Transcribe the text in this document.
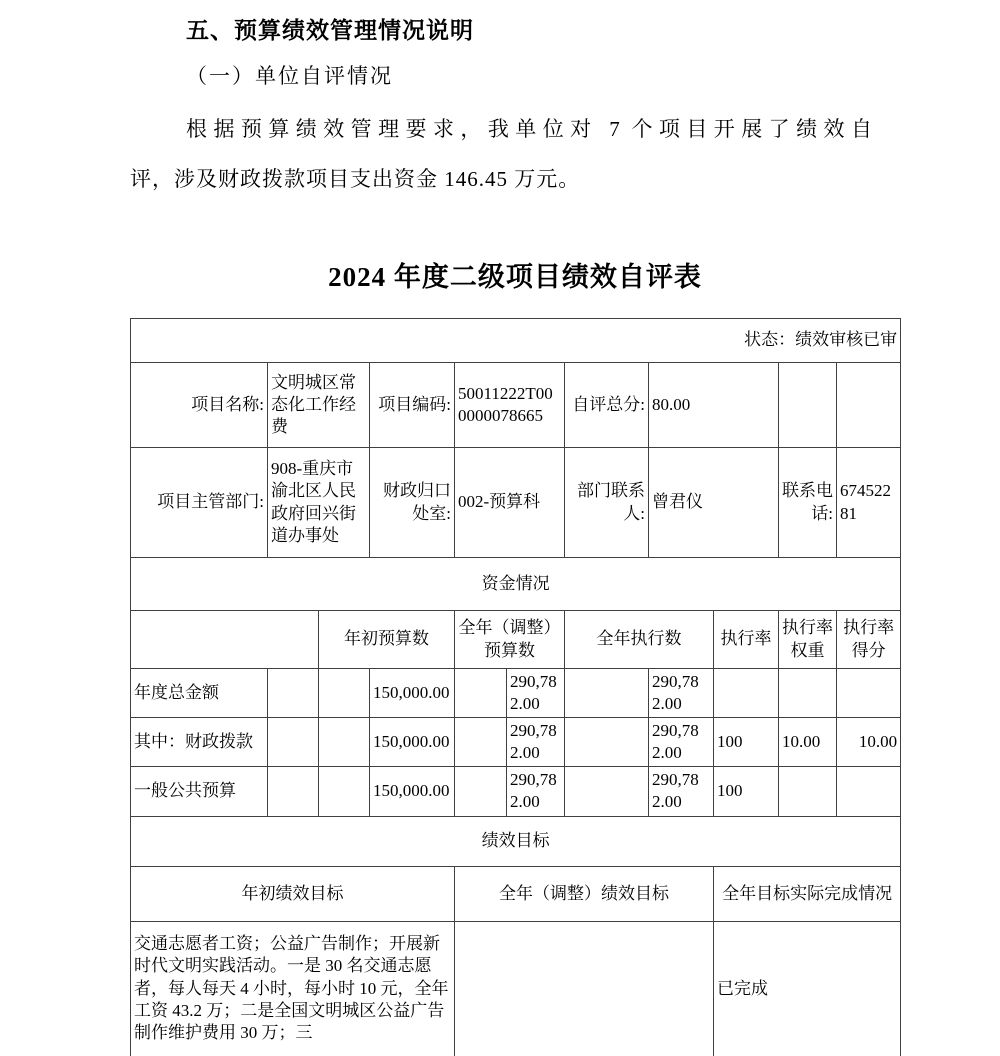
五、预算绩效管理情况说明
（一）单位自评情况
根据预算绩效管理要求，我单位对 7 个项目开展了绩效自
评，涉及财政拨款项目支出资金 146.45 万元。
2024 年度二级项目绩效自评表
状态：绩效审核已审										
项目名称:	文明城区常态化工作经费		项目编码:	50011222T000000078665		自评总分:	80.00			
项目主管部门:	908-重庆市渝北区人民政府回兴街道办事处		财政归口处室:	002-预算科		部门联系人:	曾君仪		联系电话:	67452281
资金情况										
		年初预算数		全年（调整）预算数		全年执行数		执行率	执行率权重	执行率得分
年度总金额			150,000.00		290,782.00		290,782.00			
其中：财政拨款			150,000.00		290,782.00		290,782.00	100	10.00	10.00
一般公共预算			150,000.00		290,782.00		290,782.00	100		
绩效目标										
年初绩效目标				全年（调整）绩效目标				全年目标实际完成情况		
交通志愿者工资；公益广告制作；开展新时代文明实践活动。一是 30 名交通志愿者，每人每天 4 小时，每小时 10 元，全年工资 43.2 万；二是全国文明城区公益广告制作维护费用 30 万；三								已完成		
